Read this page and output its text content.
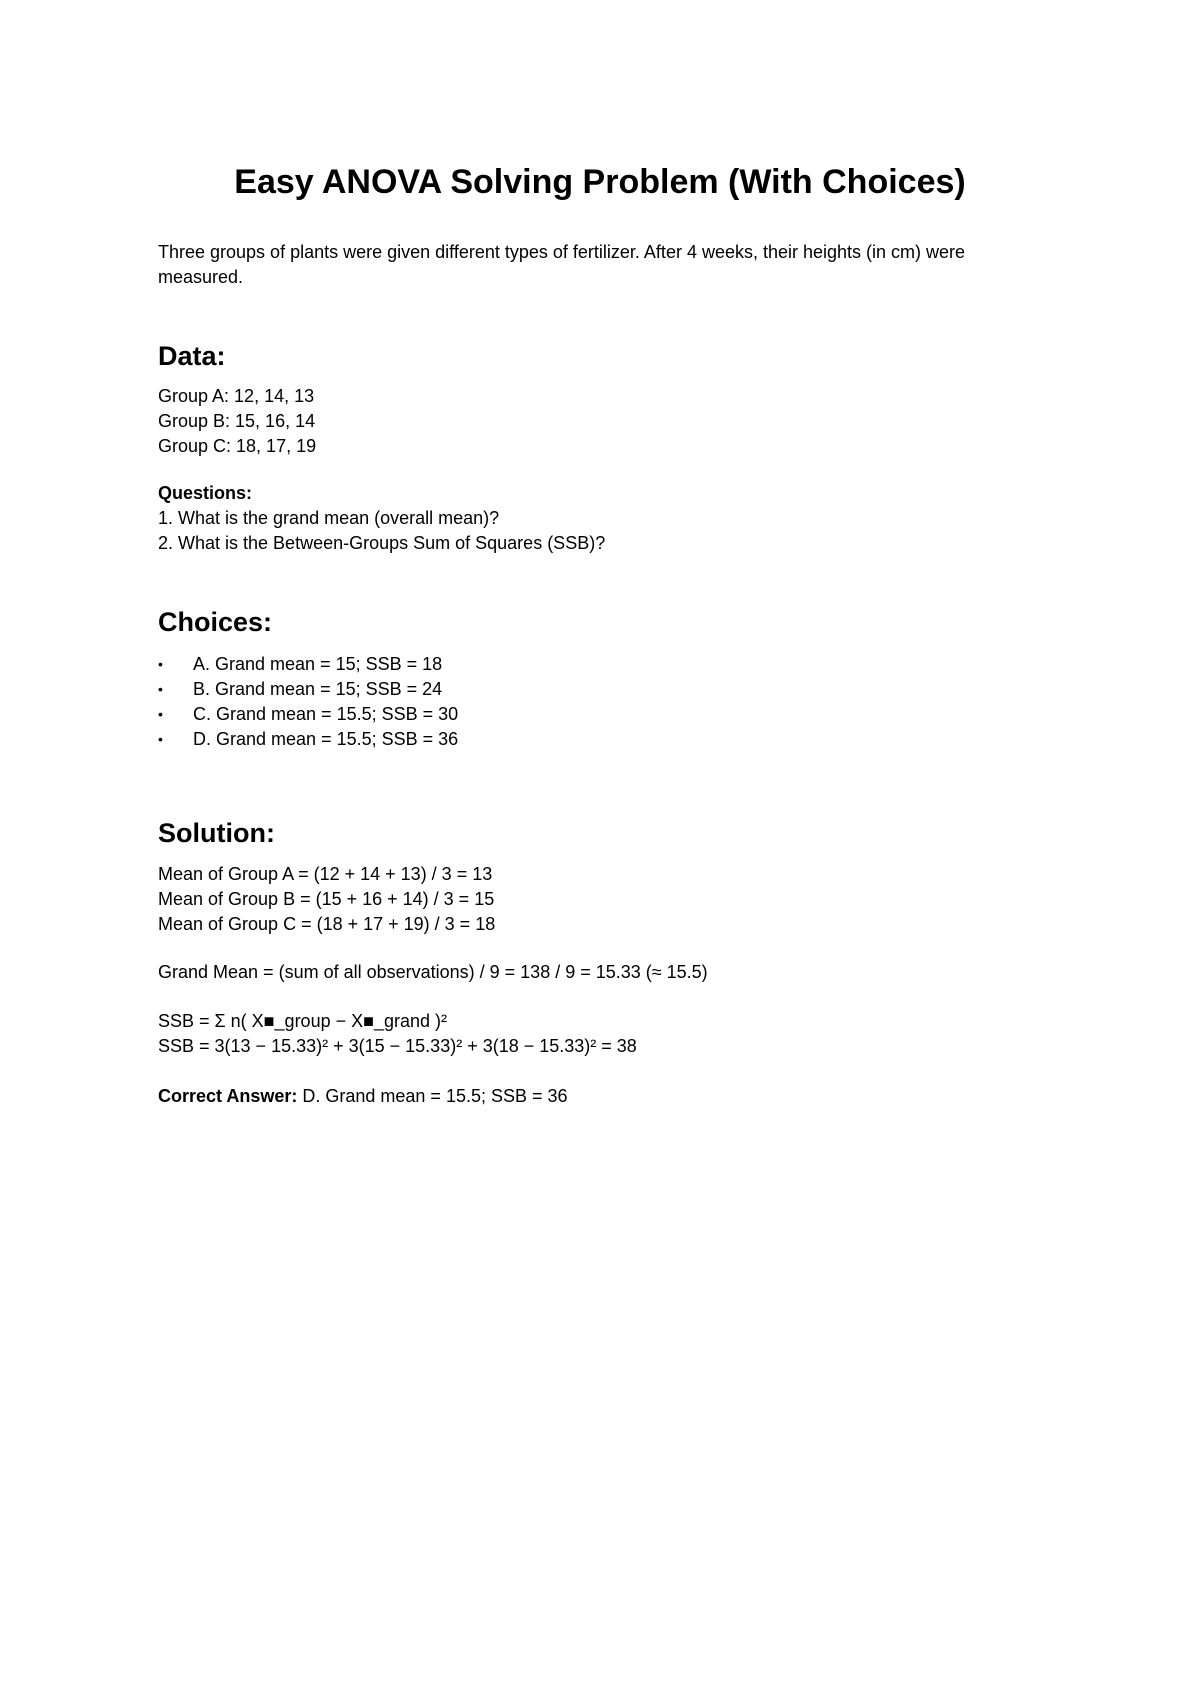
Easy ANOVA Solving Problem (With Choices)

Three groups of plants were given different types of fertilizer. After 4 weeks, their heights (in cm) were measured.

Data:

Group A: 12, 14, 13

Group B: 15, 16, 14

Group C: 18, 17, 19

Questions:

1. What is the grand mean (overall mean)?

2. What is the Between-Groups Sum of Squares (SSB)?

Choices:
•	A. Grand mean = 15; SSB = 18
•	B. Grand mean = 15; SSB = 24
•	C. Grand mean = 15.5; SSB = 30
•	D. Grand mean = 15.5; SSB = 36
Solution:

Mean of Group A = (12 + 14 + 13) / 3 = 13

Mean of Group B = (15 + 16 + 14) / 3 = 15

Mean of Group C = (18 + 17 + 19) / 3 = 18

Grand Mean = (sum of all observations) / 9 = 138 / 9 = 15.33 (≈ 15.5)

SSB = Σ n( X■_group − X■_grand )²

SSB = 3(13 − 15.33)² + 3(15 − 15.33)² + 3(18 − 15.33)² = 38

Correct Answer: D. Grand mean = 15.5; SSB = 36
